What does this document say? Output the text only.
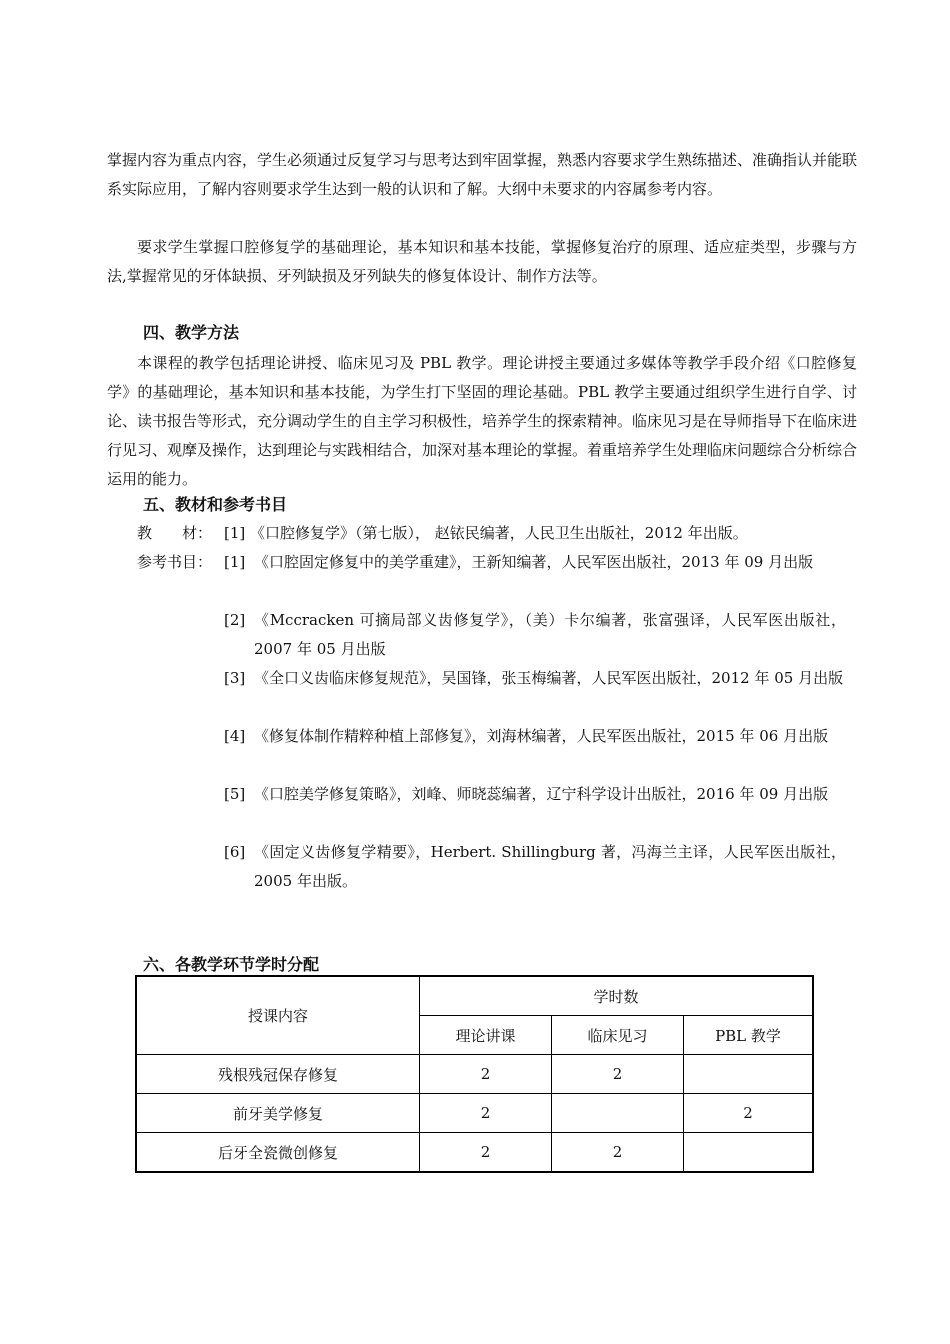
掌握内容为重点内容，学生必须通过反复学习与思考达到牢固掌握，熟悉内容要求学生熟练描述、准确指认并能联系实际应用，了解内容则要求学生达到一般的认识和了解。大纲中未要求的内容属参考内容。
要求学生掌握口腔修复学的基础理论，基本知识和基本技能，掌握修复治疗的原理、适应症类型，步骤与方法,掌握常见的牙体缺损、牙列缺损及牙列缺失的修复体设计、制作方法等。
四、教学方法
本课程的教学包括理论讲授、临床见习及 PBL 教学。理论讲授主要通过多媒体等教学手段介绍《口腔修复学》的基础理论，基本知识和基本技能，为学生打下坚固的理论基础。PBL 教学主要通过组织学生进行自学、讨论、读书报告等形式，充分调动学生的自主学习积极性，培养学生的探索精神。临床见习是在导师指导下在临床进行见习、观摩及操作，达到理论与实践相结合，加深对基本理论的掌握。着重培养学生处理临床问题综合分析综合运用的能力。
五、教材和参考书目
教　　材： [1] 《口腔修复学》（第七版）， 赵铱民编著，人民卫生出版社，2012 年出版。
参考书目： [1] 《口腔固定修复中的美学重建》，王新知编著，人民军医出版社，2013 年 09 月出版
[2] 《Mccracken 可摘局部义齿修复学》，（美）卡尔编著，张富强译，人民军医出版社，2007 年 05 月出版
[3] 《全口义齿临床修复规范》，吴国锋，张玉梅编著，人民军医出版社，2012 年 05 月出版
[4] 《修复体制作精粹种植上部修复》，刘海林编著，人民军医出版社，2015 年 06 月出版
[5] 《口腔美学修复策略》，刘峰、师晓蕊编著，辽宁科学设计出版社，2016 年 09 月出版
[6] 《固定义齿修复学精要》，Herbert. Shillingburg 著，冯海兰主译，人民军医出版社，2005 年出版。
六、各教学环节学时分配
授课内容	学时数		
	理论讲课	临床见习	PBL 教学
残根残冠保存修复	2	2	
前牙美学修复	2		2
后牙全瓷微创修复	2	2	
